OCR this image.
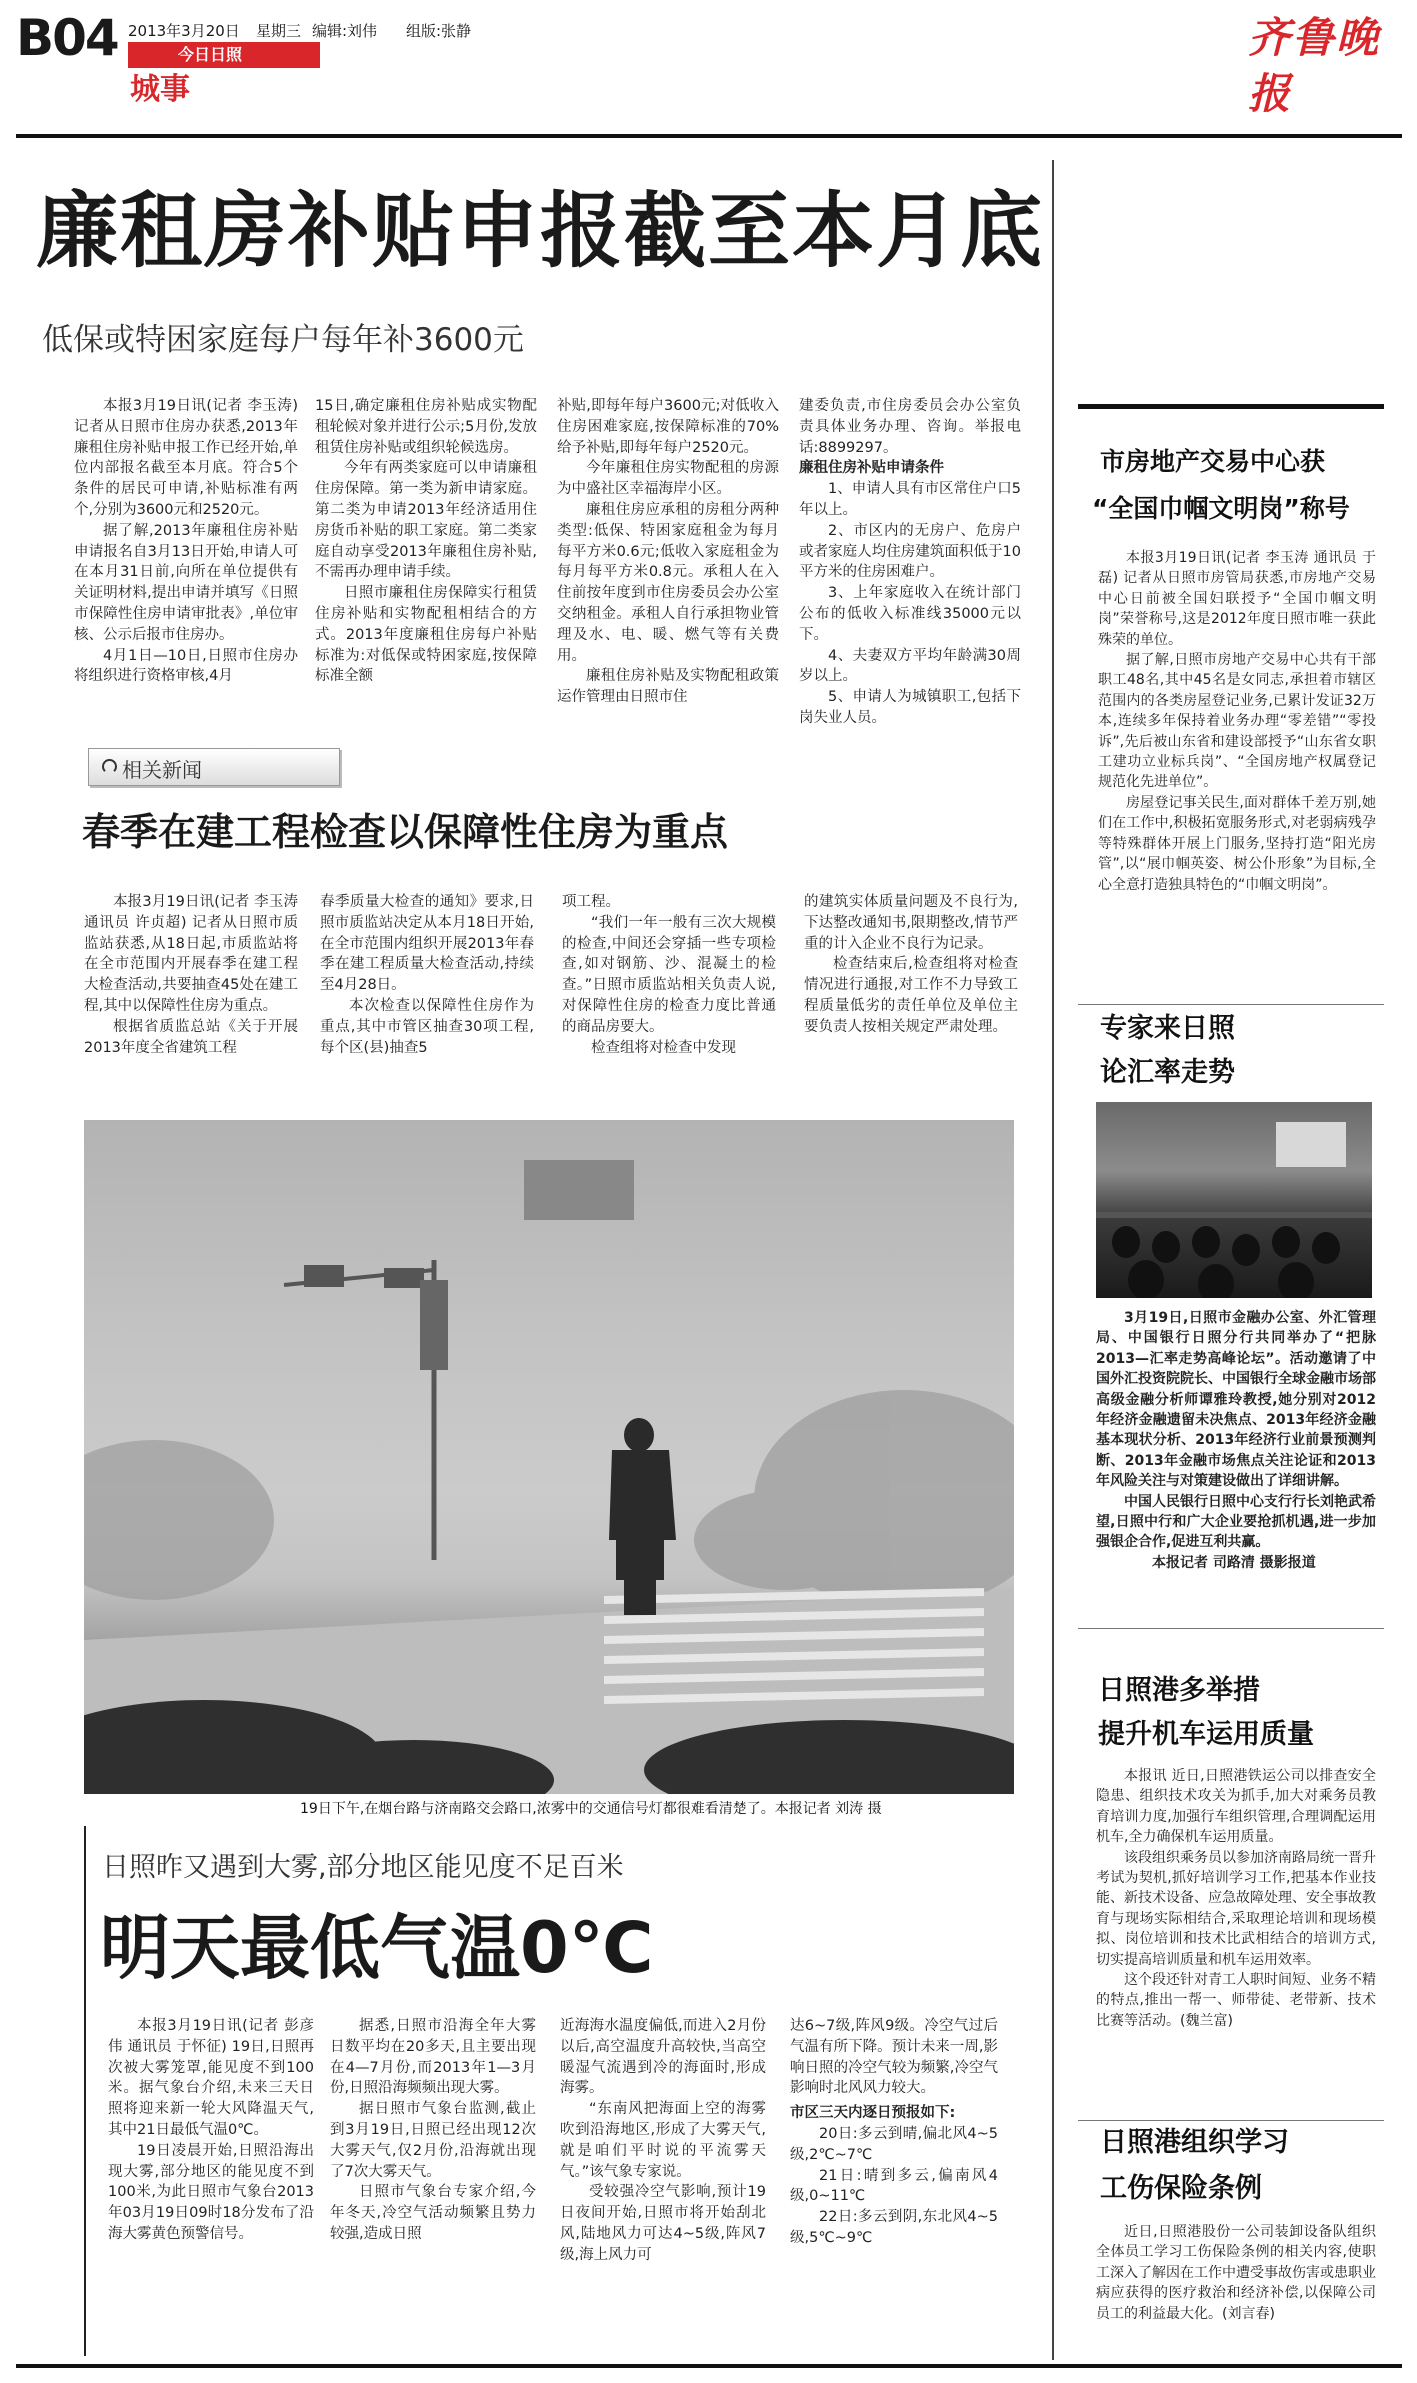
B04 2013年3月20日 星期三 编辑:刘伟 组版:张静
今日日照
城事
齐鲁晚报
廉租房补贴申报截至本月底
低保或特困家庭每户每年补3600元

本报3月19日讯(记者 李玉涛) 记者从日照市住房办获悉,2013年廉租住房补贴申报工作已经开始,单位内部报名截至本月底。符合5个条件的居民可申请,补贴标准有两个,分别为3600元和2520元。

据了解,2013年廉租住房补贴申请报名自3月13日开始,申请人可在本月31日前,向所在单位提供有关证明材料,提出申请并填写《日照市保障性住房申请审批表》,单位审核、公示后报市住房办。

4月1日—10日,日照市住房办将组织进行资格审核,4月

15日,确定廉租住房补贴成实物配租轮候对象并进行公示;5月份,发放租赁住房补贴或组织轮候选房。

今年有两类家庭可以申请廉租住房保障。第一类为新申请家庭。第二类为申请2013年经济适用住房货币补贴的职工家庭。第二类家庭自动享受2013年廉租住房补贴,不需再办理申请手续。

日照市廉租住房保障实行租赁住房补贴和实物配租相结合的方式。2013年度廉租住房每户补贴标准为:对低保或特困家庭,按保障标准全额

补贴,即每年每户3600元;对低收入住房困难家庭,按保障标准的70%给予补贴,即每年每户2520元。

今年廉租住房实物配租的房源为中盛社区幸福海岸小区。

廉租住房应承租的房租分两种类型:低保、特困家庭租金为每月每平方米0.6元;低收入家庭租金为每月每平方米0.8元。承租人在入住前按年度到市住房委员会办公室交纳租金。承租人自行承担物业管理及水、电、暖、燃气等有关费用。

廉租住房补贴及实物配租政策运作管理由日照市住

建委负责,市住房委员会办公室负责具体业务办理、咨询。举报电话:8899297。

廉租住房补贴申请条件

1、申请人具有市区常住户口5年以上。

2、市区内的无房户、危房户或者家庭人均住房建筑面积低于10平方米的住房困难户。

3、上年家庭收入在统计部门公布的低收入标准线35000元以下。

4、夫妻双方平均年龄满30周岁以上。

5、申请人为城镇职工,包括下岗失业人员。

相关新闻
春季在建工程检查以保障性住房为重点

本报3月19日讯(记者 李玉涛 通讯员 许贞超) 记者从日照市质监站获悉,从18日起,市质监站将在全市范围内开展春季在建工程大检查活动,共要抽查45处在建工程,其中以保障性住房为重点。

根据省质监总站《关于开展2013年度全省建筑工程

春季质量大检查的通知》要求,日照市质监站决定从本月18日开始,在全市范围内组织开展2013年春季在建工程质量大检查活动,持续至4月28日。

本次检查以保障性住房作为重点,其中市管区抽查30项工程,每个区(县)抽查5

项工程。

“我们一年一般有三次大规模的检查,中间还会穿插一些专项检查,如对钢筋、沙、混凝土的检查。”日照市质监站相关负责人说,对保障性住房的检查力度比普通的商品房要大。

检查组将对检查中发现

的建筑实体质量问题及不良行为,下达整改通知书,限期整改,情节严重的计入企业不良行为记录。

检查结束后,检查组将对检查情况进行通报,对工作不力导致工程质量低劣的责任单位及单位主要负责人按相关规定严肃处理。

19日下午,在烟台路与济南路交会路口,浓雾中的交通信号灯都很难看清楚了。本报记者 刘涛 摄
日照昨又遇到大雾,部分地区能见度不足百米
明天最低气温0℃

本报3月19日讯(记者 彭彦伟 通讯员 于怀征) 19日,日照再次被大雾笼罩,能见度不到100米。据气象台介绍,未来三天日照将迎来新一轮大风降温天气,其中21日最低气温0℃。

19日凌晨开始,日照沿海出现大雾,部分地区的能见度不到100米,为此日照市气象台2013年03月19日09时18分发布了沿海大雾黄色预警信号。

据悉,日照市沿海全年大雾日数平均在20多天,且主要出现在4—7月份,而2013年1—3月份,日照沿海频频出现大雾。

据日照市气象台监测,截止到3月19日,日照已经出现12次大雾天气,仅2月份,沿海就出现了7次大雾天气。

日照市气象台专家介绍,今年冬天,冷空气活动频繁且势力较强,造成日照

近海海水温度偏低,而进入2月份以后,高空温度升高较快,当高空暖湿气流遇到冷的海面时,形成海雾。

“东南风把海面上空的海雾吹到沿海地区,形成了大雾天气,就是咱们平时说的平流雾天气。”该气象专家说。

受较强冷空气影响,预计19日夜间开始,日照市将开始刮北风,陆地风力可达4~5级,阵风7级,海上风力可

达6~7级,阵风9级。冷空气过后气温有所下降。预计未来一周,影响日照的冷空气较为频繁,冷空气影响时北风风力较大。

市区三天内逐日预报如下:

20日:多云到晴,偏北风4~5级,2℃~7℃

21日:晴到多云,偏南风4级,0~11℃

22日:多云到阴,东北风4~5级,5℃~9℃

市房地产交易中心获
“全国巾帼文明岗”称号

本报3月19日讯(记者 李玉涛 通讯员 于磊) 记者从日照市房管局获悉,市房地产交易中心日前被全国妇联授予“全国巾帼文明岗”荣誉称号,这是2012年度日照市唯一获此殊荣的单位。

据了解,日照市房地产交易中心共有干部职工48名,其中45名是女同志,承担着市辖区范围内的各类房屋登记业务,已累计发证32万本,连续多年保持着业务办理“零差错”“零投诉”,先后被山东省和建设部授予“山东省女职工建功立业标兵岗”、“全国房地产权属登记规范化先进单位”。

房屋登记事关民生,面对群体千差万别,她们在工作中,积极拓宽服务形式,对老弱病残孕等特殊群体开展上门服务,坚持打造“阳光房管”,以“展巾帼英姿、树公仆形象”为目标,全心全意打造独具特色的“巾帼文明岗”。

专家来日照
论汇率走势

3月19日,日照市金融办公室、外汇管理局、中国银行日照分行共同举办了“把脉2013—汇率走势高峰论坛”。活动邀请了中国外汇投资院院长、中国银行全球金融市场部高级金融分析师谭雅玲教授,她分别对2012年经济金融遗留未决焦点、2013年经济金融基本现状分析、2013年经济行业前景预测判断、2013年金融市场焦点关注论证和2013年风险关注与对策建设做出了详细讲解。

中国人民银行日照中心支行行长刘艳武希望,日照中行和广大企业要抢抓机遇,进一步加强银企合作,促进互利共赢。

本报记者 司路清 摄影报道

日照港多举措
提升机车运用质量

本报讯 近日,日照港铁运公司以排查安全隐患、组织技术攻关为抓手,加大对乘务员教育培训力度,加强行车组织管理,合理调配运用机车,全力确保机车运用质量。

该段组织乘务员以参加济南路局统一晋升考试为契机,抓好培训学习工作,把基本作业技能、新技术设备、应急故障处理、安全事故教育与现场实际相结合,采取理论培训和现场模拟、岗位培训和技术比武相结合的培训方式,切实提高培训质量和机车运用效率。

这个段还针对青工人职时间短、业务不精的特点,推出一帮一、师带徒、老带新、技术比赛等活动。(魏兰富)

日照港组织学习
工伤保险条例

近日,日照港股份一公司装卸设备队组织全体员工学习工伤保险条例的相关内容,使职工深入了解因在工作中遭受事故伤害或患职业病应获得的医疗救治和经济补偿,以保障公司员工的利益最大化。(刘言春)
